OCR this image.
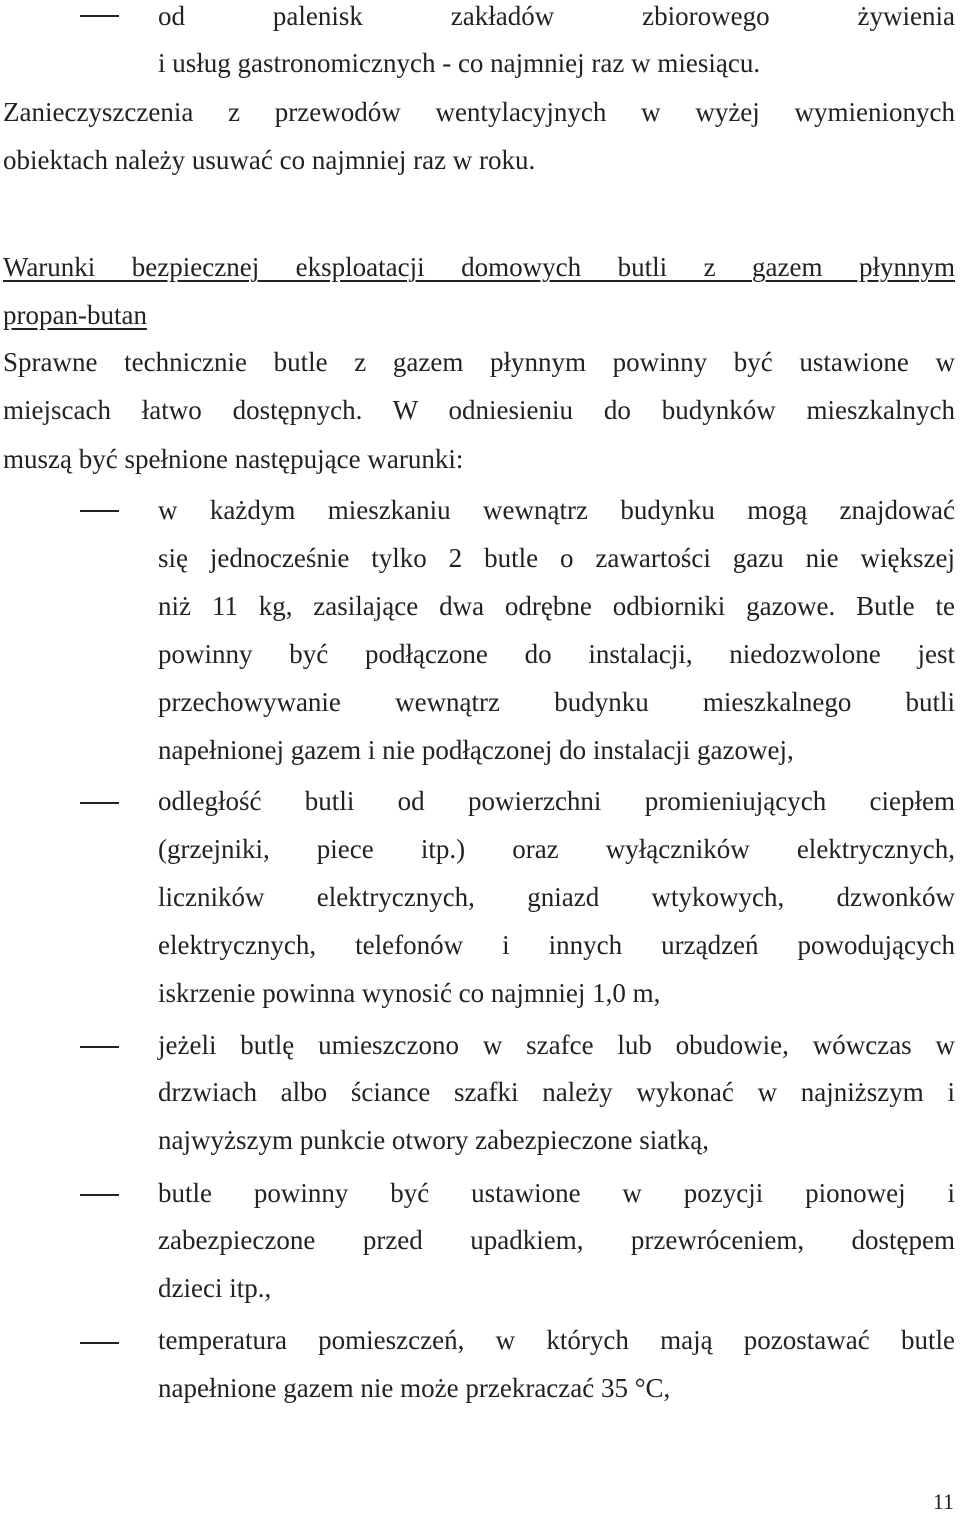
od palenisk zakładów zbiorowego żywienia
i usług gastronomicznych - co najmniej raz w miesiącu.
Zanieczyszczenia z przewodów wentylacyjnych w wyżej wymienionych
obiektach należy usuwać co najmniej raz w roku.
Warunki bezpiecznej eksploatacji domowych butli z gazem płynnym
propan-butan
Sprawne technicznie butle z gazem płynnym powinny być ustawione w
miejscach łatwo dostępnych. W odniesieniu do budynków mieszkalnych
muszą być spełnione następujące warunki:
w każdym mieszkaniu wewnątrz budynku mogą znajdować
się jednocześnie tylko 2 butle o zawartości gazu nie większej
niż 11 kg, zasilające dwa odrębne odbiorniki gazowe. Butle te
powinny być podłączone do instalacji, niedozwolone jest
przechowywanie wewnątrz budynku mieszkalnego butli
napełnionej gazem i nie podłączonej do instalacji gazowej,
odległość butli od powierzchni promieniujących ciepłem
(grzejniki, piece itp.) oraz wyłączników elektrycznych,
liczników elektrycznych, gniazd wtykowych, dzwonków
elektrycznych, telefonów i innych urządzeń powodujących
iskrzenie powinna wynosić co najmniej 1,0 m,
jeżeli butlę umieszczono w szafce lub obudowie, wówczas w
drzwiach albo ściance szafki należy wykonać w najniższym i
najwyższym punkcie otwory zabezpieczone siatką,
butle powinny być ustawione w pozycji pionowej i
zabezpieczone przed upadkiem, przewróceniem, dostępem
dzieci itp.,
temperatura pomieszczeń, w których mają pozostawać butle
napełnione gazem nie może przekraczać 35 °C,
11
